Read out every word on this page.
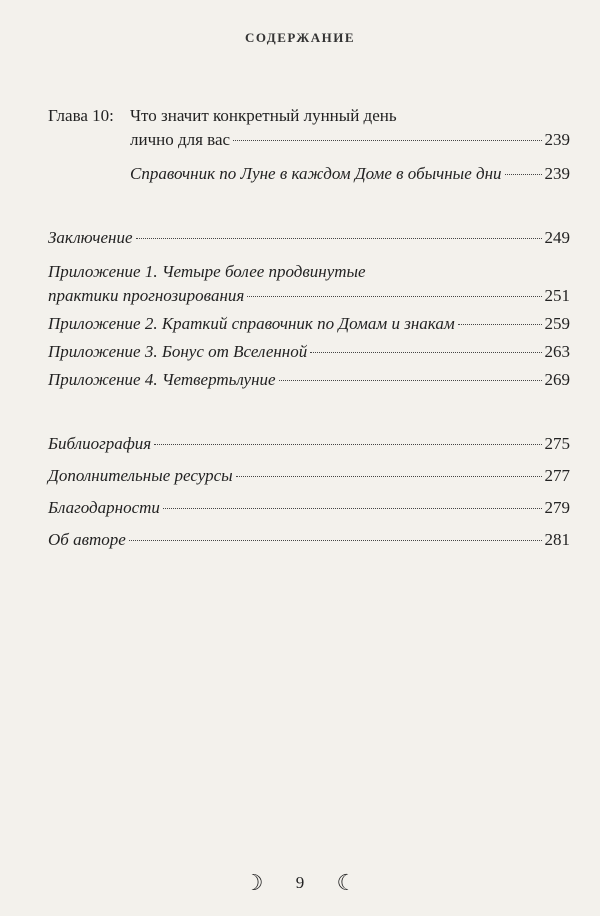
СОДЕРЖАНИЕ
Глава 10: Что значит конкретный лунный день
лично для вас	239
Справочник по Луне в каждом Доме в обычные дни	239
Заключение	249
Приложение 1. Четыре более продвинутые
практики прогнозирования	251
Приложение 2. Краткий справочник по Домам и знакам	259
Приложение 3. Бонус от Вселенной	263
Приложение 4. Четвертьлуние	269
Библиография	275
Дополнительные ресурсы	277
Благодарности	279
Об авторе	281
☽ 9 ☾
